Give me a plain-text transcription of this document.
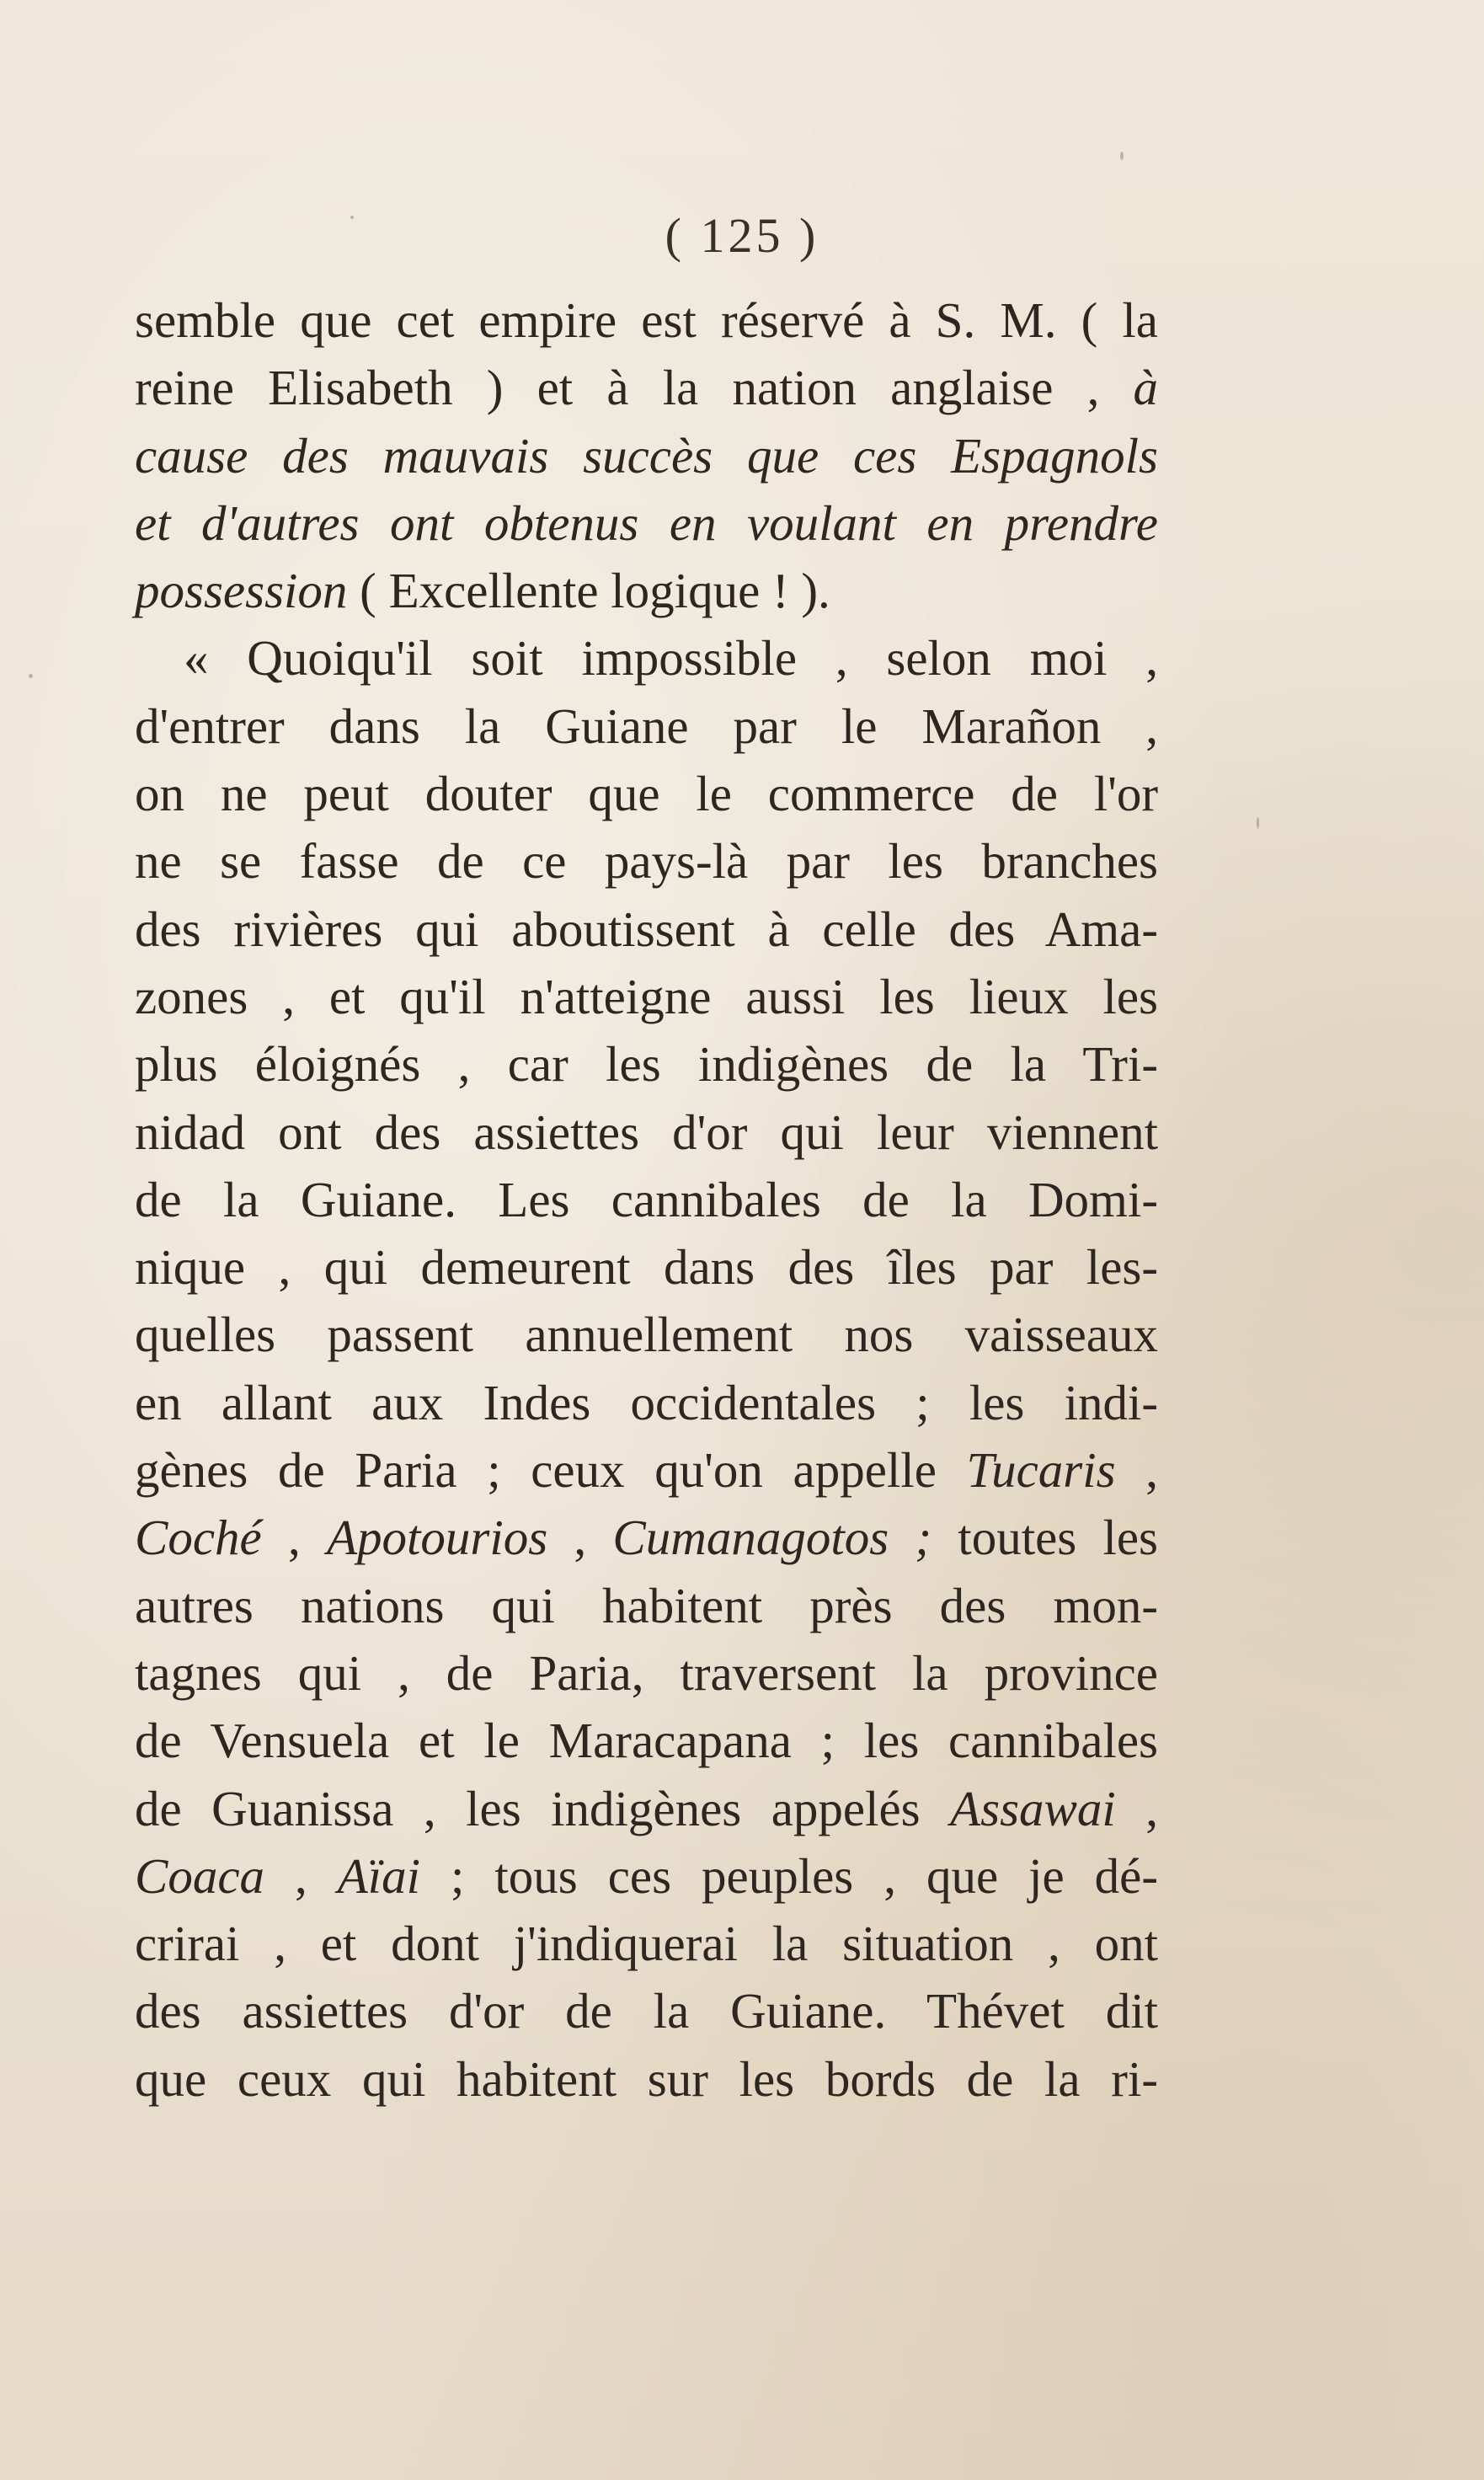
( 125 )
semble que cet empire est réservé à S. M. ( la
reine Elisabeth ) et à la nation anglaise , à
cause des mauvais succès que ces Espagnols
et d'autres ont obtenus en voulant en prendre
possession ( Excellente logique ! ).
« Quoiqu'il soit impossible , selon moi ,
d'entrer dans la Guiane par le Marañon ,
on ne peut douter que le commerce de l'or
ne se fasse de ce pays-là par les branches
des rivières qui aboutissent à celle des Ama-
zones , et qu'il n'atteigne aussi les lieux les
plus éloignés , car les indigènes de la Tri-
nidad ont des assiettes d'or qui leur viennent
de la Guiane. Les cannibales de la Domi-
nique , qui demeurent dans des îles par les-
quelles passent annuellement nos vaisseaux
en allant aux Indes occidentales ; les indi-
gènes de Paria ; ceux qu'on appelle Tucaris ,
Coché , Apotourios , Cumanagotos ; toutes les
autres nations qui habitent près des mon-
tagnes qui , de Paria, traversent la province
de Vensuela et le Maracapana ; les cannibales
de Guanissa , les indigènes appelés Assawai ,
Coaca , Aïai ; tous ces peuples , que je dé-
crirai , et dont j'indiquerai la situation , ont
des assiettes d'or de la Guiane. Thévet dit
que ceux qui habitent sur les bords de la ri-
